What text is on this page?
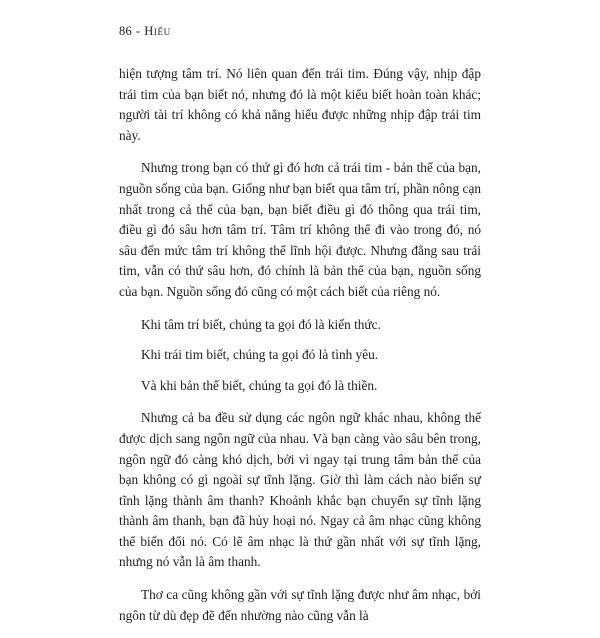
86 - Hiểu

hiện tượng tâm trí. Nó liên quan đến trái tim. Đúng vậy, nhịp đập trái tim của bạn biết nó, nhưng đó là một kiểu biết hoàn toàn khác; người tài trí không có khả năng hiểu được những nhịp đập trái tim này.

Nhưng trong bạn có thứ gì đó hơn cả trái tim - bản thể của bạn, nguồn sống của bạn. Giống như bạn biết qua tâm trí, phần nông cạn nhất trong cả thể của bạn, bạn biết điều gì đó thông qua trái tim, điều gì đó sâu hơn tâm trí. Tâm trí không thể đi vào trong đó, nó sâu đến mức tâm trí không thể lĩnh hội được. Nhưng đằng sau trái tim, vẫn có thứ sâu hơn, đó chính là bản thể của bạn, nguồn sống của bạn. Nguồn sống đó cũng có một cách biết của riêng nó.

Khi tâm trí biết, chúng ta gọi đó là kiến thức.

Khi trái tim biết, chúng ta gọi đó là tình yêu.

Và khi bản thể biết, chúng ta gọi đó là thiền.

Nhưng cả ba đều sử dụng các ngôn ngữ khác nhau, không thể được dịch sang ngôn ngữ của nhau. Và bạn càng vào sâu bên trong, ngôn ngữ đó càng khó dịch, bởi vì ngay tại trung tâm bản thể của bạn không có gì ngoài sự tĩnh lặng. Giờ thì làm cách nào biến sự tĩnh lặng thành âm thanh? Khoảnh khắc bạn chuyển sự tĩnh lặng thành âm thanh, bạn đã hủy hoại nó. Ngay cả âm nhạc cũng không thể biến đổi nó. Có lẽ âm nhạc là thứ gần nhất với sự tĩnh lặng, nhưng nó vẫn là âm thanh.

Thơ ca cũng không gần với sự tĩnh lặng được như âm nhạc, bởi ngôn từ dù đẹp đẽ đến nhường nào cũng vẫn là
